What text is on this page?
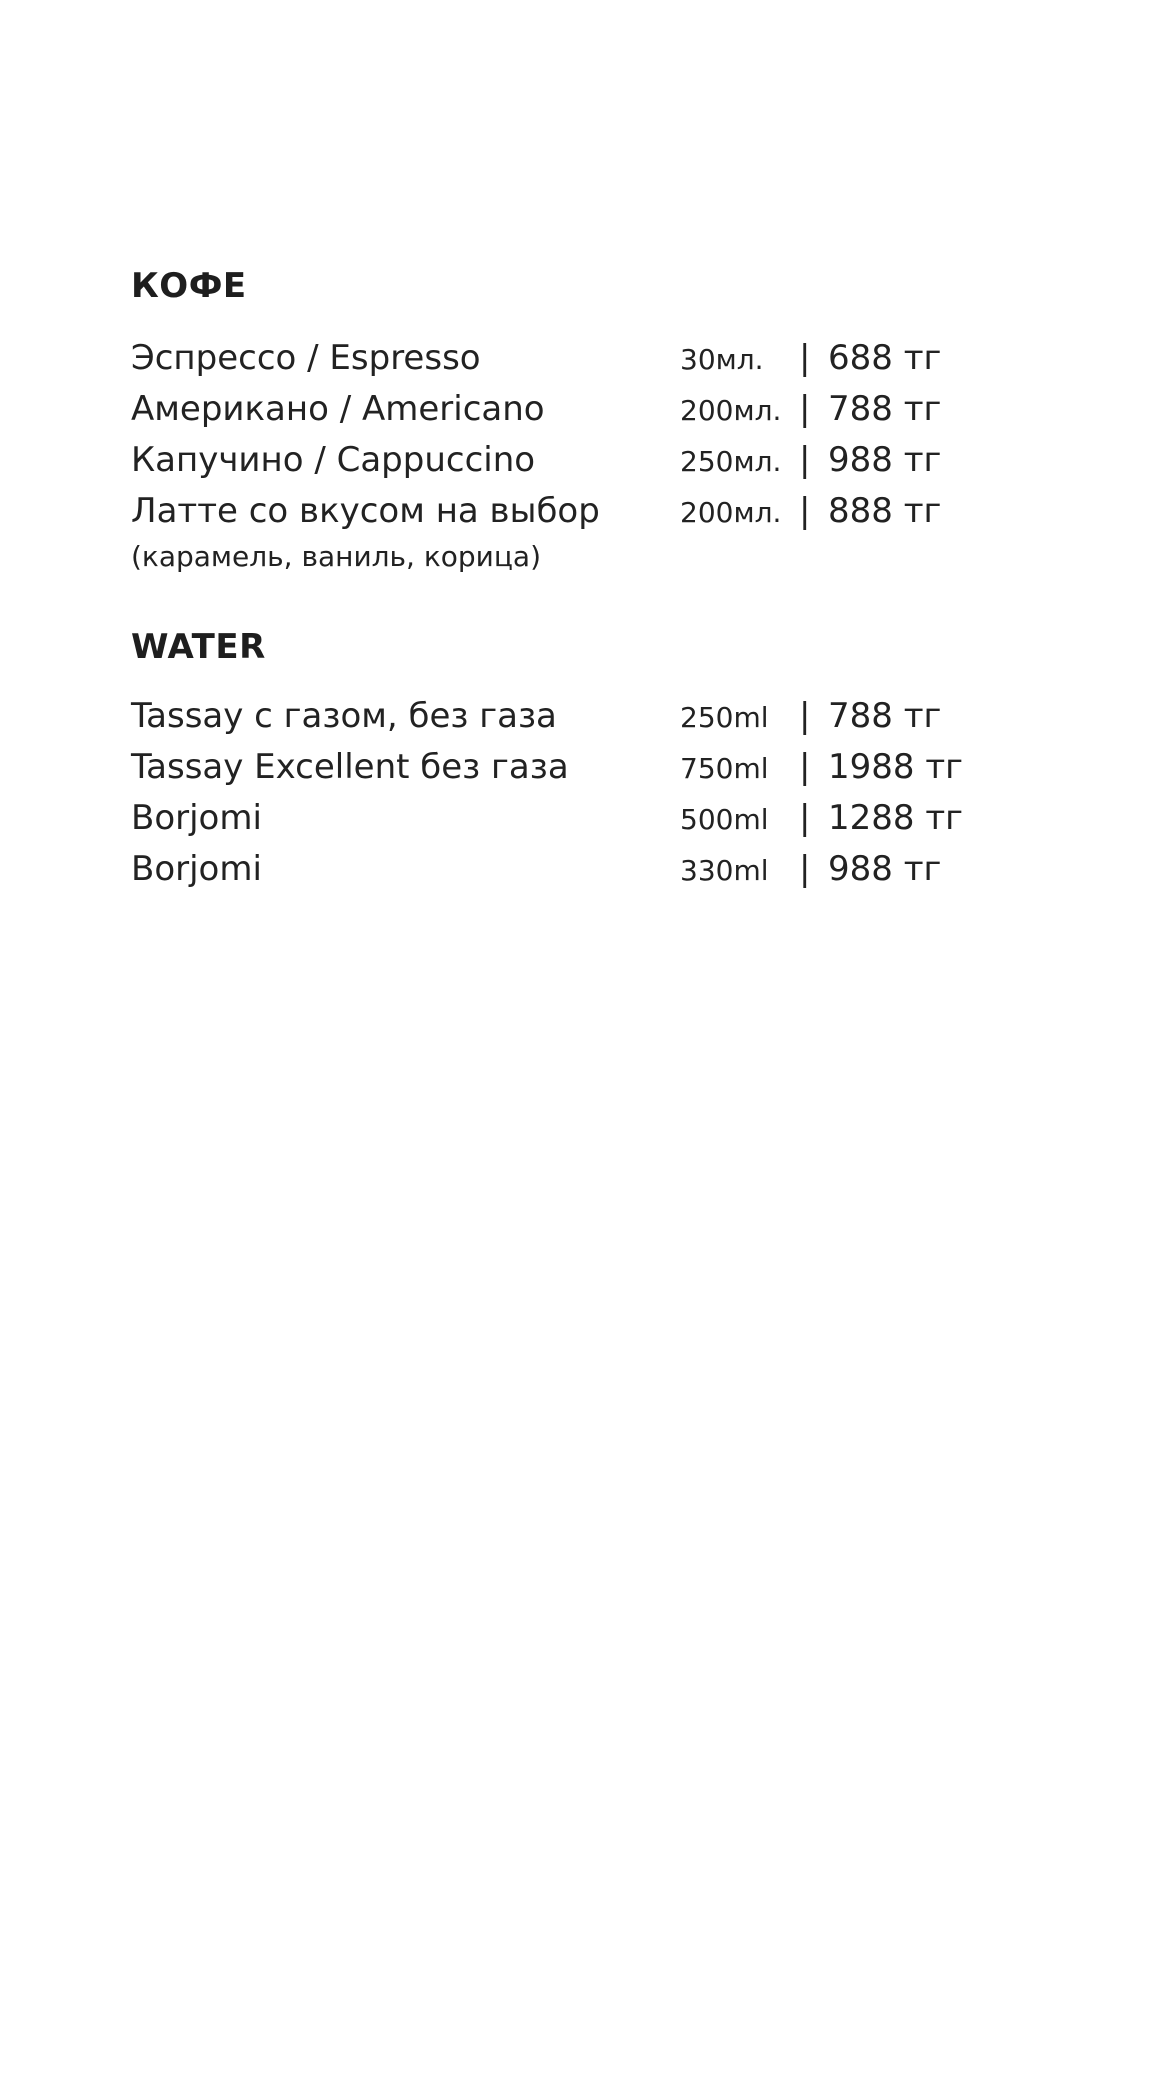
КОФЕ
Эспрессо / Espresso	30мл. | 688 тг
Американо / Americano	200мл. | 788 тг
Капучино / Cappuccino	250мл. | 988 тг
Латте со вкусом на выбор	200мл. | 888 тг
(карамель, ваниль, корица)
WATER
Tassay с газом, без газа	250ml | 788 тг
Tassay Excellent без газа	750ml | 1988 тг
Borjomi	500ml | 1288 тг
Borjomi	330ml | 988 тг
